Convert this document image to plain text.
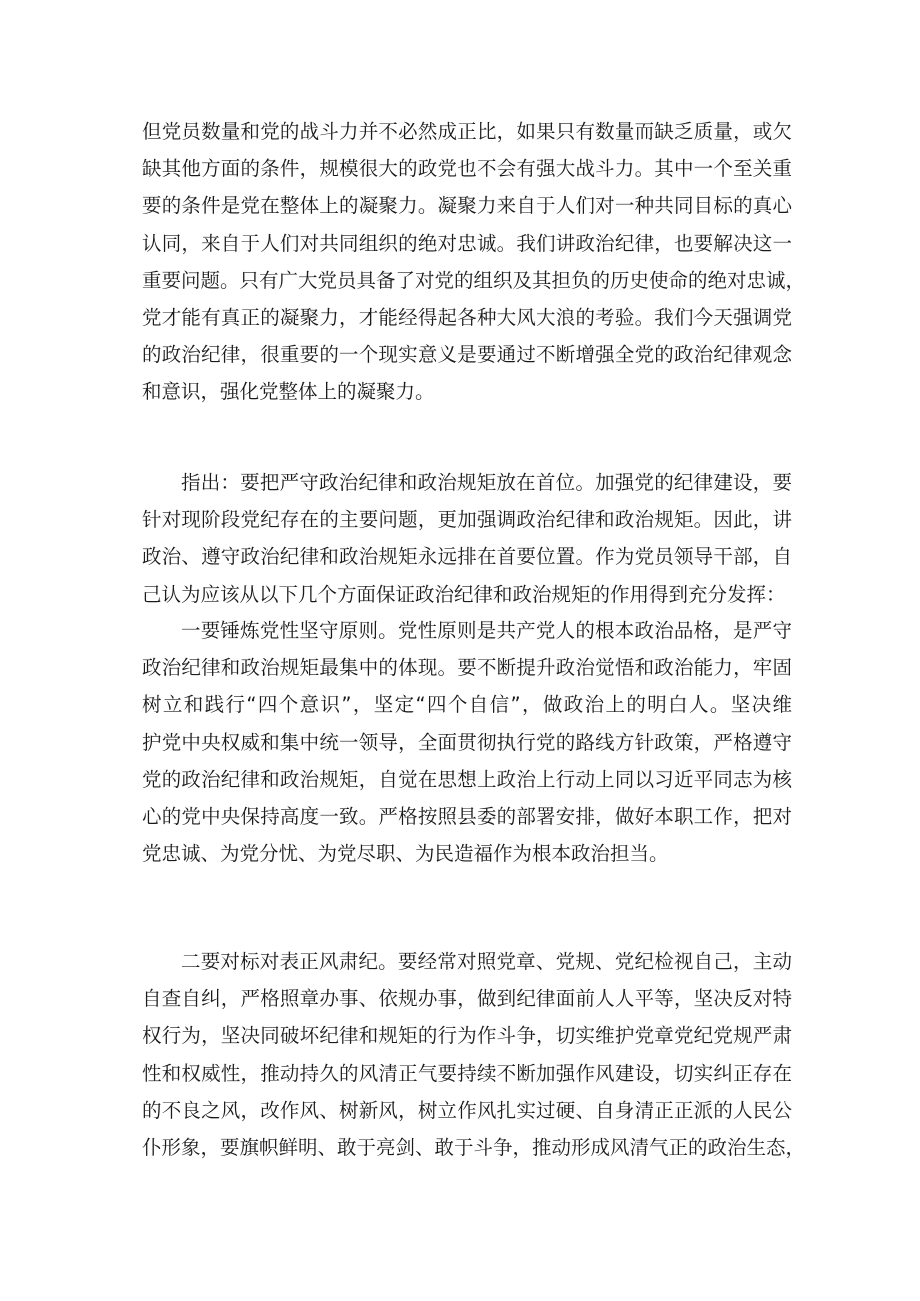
但党员数量和党的战斗力并不必然成正比，如果只有数量而缺乏质量，或欠
缺其他方面的条件，规模很大的政党也不会有强大战斗力。其中一个至关重
要的条件是党在整体上的凝聚力。凝聚力来自于人们对一种共同目标的真心
认同，来自于人们对共同组织的绝对忠诚。我们讲政治纪律，也要解决这一
重要问题。只有广大党员具备了对党的组织及其担负的历史使命的绝对忠诚，
党才能有真正的凝聚力，才能经得起各种大风大浪的考验。我们今天强调党
的政治纪律，很重要的一个现实意义是要通过不断增强全党的政治纪律观念
和意识，强化党整体上的凝聚力。

指出：要把严守政治纪律和政治规矩放在首位。加强党的纪律建设，要
针对现阶段党纪存在的主要问题，更加强调政治纪律和政治规矩。因此，讲
政治、遵守政治纪律和政治规矩永远排在首要位置。作为党员领导干部，自
己认为应该从以下几个方面保证政治纪律和政治规矩的作用得到充分发挥：

一要锤炼党性坚守原则。党性原则是共产党人的根本政治品格，是严守
政治纪律和政治规矩最集中的体现。要不断提升政治觉悟和政治能力，牢固
树立和践行“四个意识”，坚定“四个自信”，做政治上的明白人。坚决维
护党中央权威和集中统一领导，全面贯彻执行党的路线方针政策，严格遵守
党的政治纪律和政治规矩，自觉在思想上政治上行动上同以习近平同志为核
心的党中央保持高度一致。严格按照县委的部署安排，做好本职工作，把对
党忠诚、为党分忧、为党尽职、为民造福作为根本政治担当。

二要对标对表正风肃纪。要经常对照党章、党规、党纪检视自己，主动
自查自纠，严格照章办事、依规办事，做到纪律面前人人平等，坚决反对特
权行为，坚决同破坏纪律和规矩的行为作斗争，切实维护党章党纪党规严肃
性和权威性，推动持久的风清正气要持续不断加强作风建设，切实纠正存在
的不良之风，改作风、树新风，树立作风扎实过硬、自身清正正派的人民公
仆形象，要旗帜鲜明、敢于亮剑、敢于斗争，推动形成风清气正的政治生态，
